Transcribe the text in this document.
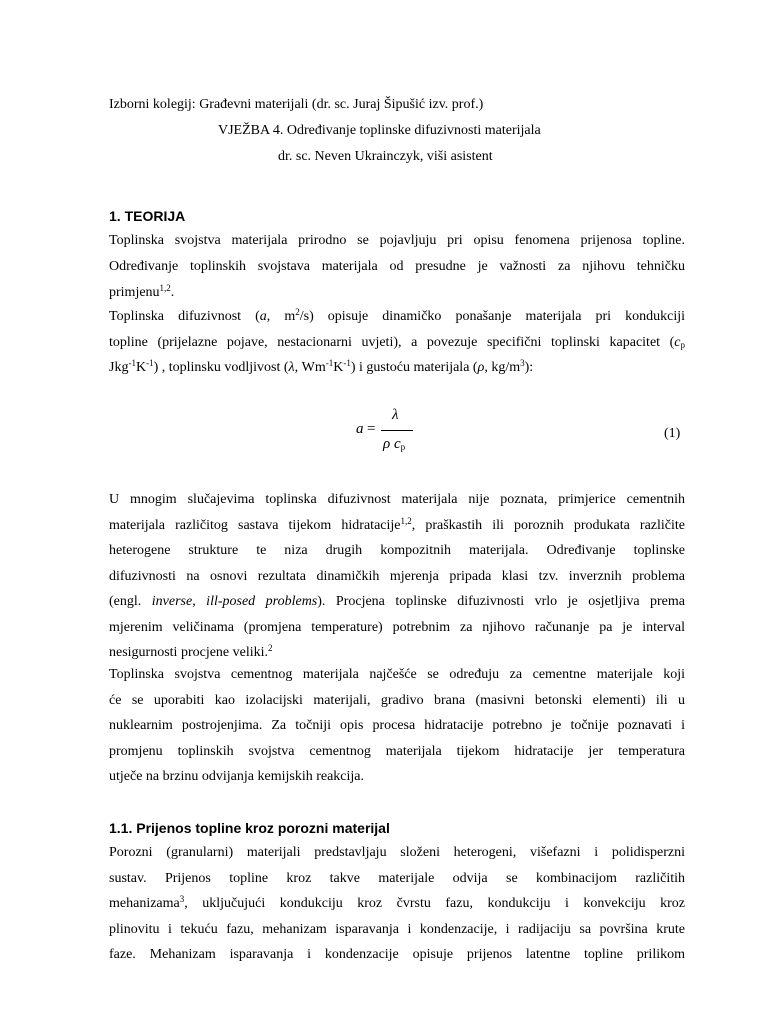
Izborni kolegij: Građevni materijali (dr. sc. Juraj Šipušić izv. prof.)
VJEŽBA 4. Određivanje toplinske difuzivnosti materijala
dr. sc. Neven Ukrainczyk, viši asistent
1. TEORIJA
Toplinska svojstva materijala prirodno se pojavljuju pri opisu fenomena prijenosa topline.
Određivanje toplinskih svojstava materijala od presudne je važnosti za njihovu tehničku
primjenu$^{1,2}$.
Toplinska difuzivnost (a, $m^2/s$) opisuje dinamičko ponašanje materijala pri kondukciji
topline (prijelazne pojave, nestacionarni uvjeti), a povezuje specifični toplinski kapacitet ($c_p$
$Jkg^{-1}K^{-1}$) , toplinsku vodljivost (λ, $Wm^{-1}K^{-1}$) i gustoću materijala (ρ, $kg/m^3$):
a =
λ
ρ $c_p$
(1)
U mnogim slučajevima toplinska difuzivnost materijala nije poznata, primjerice cementnih
materijala različitog sastava tijekom hidratacije$^{1,2}$, praškastih ili poroznih produkata različite
heterogene strukture te niza drugih kompozitnih materijala. Određivanje toplinske
difuzivnosti na osnovi rezultata dinamičkih mjerenja pripada klasi tzv. inverznih problema
(engl. inverse, ill-posed problems). Procjena toplinske difuzivnosti vrlo je osjetljiva prema
mjerenim veličinama (promjena temperature) potrebnim za njihovo računanje pa je interval
nesigurnosti procjene veliki.$^2$
Toplinska svojstva cementnog materijala najčešće se određuju za cementne materijale koji
će se uporabiti kao izolacijski materijali, gradivo brana (masivni betonski elementi) ili u
nuklearnim postrojenjima. Za točniji opis procesa hidratacije potrebno je točnije poznavati i
promjenu toplinskih svojstva cementnog materijala tijekom hidratacije jer temperatura
utječe na brzinu odvijanja kemijskih reakcija.
1.1. Prijenos topline kroz porozni materijal
Porozni (granularni) materijali predstavljaju složeni heterogeni, višefazni i polidisperzni
sustav. Prijenos topline kroz takve materijale odvija se kombinacijom različitih
mehanizama$^3$, uključujući kondukciju kroz čvrstu fazu, kondukciju i konvekciju kroz
plinovitu i tekuću fazu, mehanizam isparavanja i kondenzacije, i radijaciju sa površina krute
faze. Mehanizam isparavanja i kondenzacije opisuje prijenos latentne topline prilikom
